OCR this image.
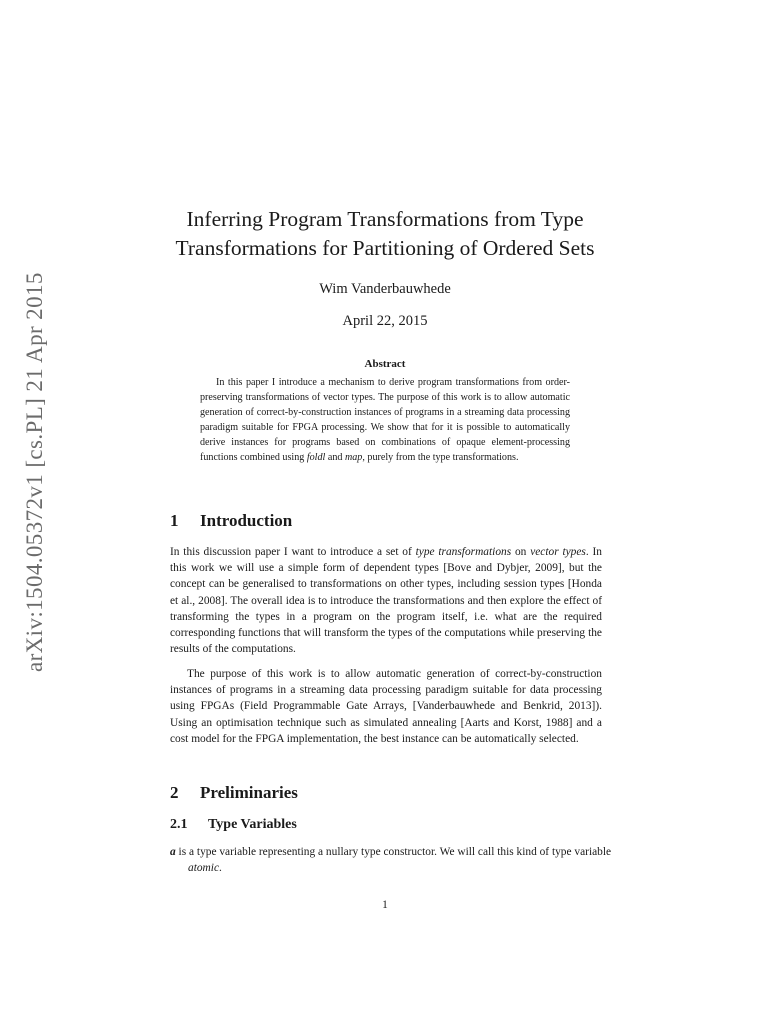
arXiv:1504.05372v1 [cs.PL] 21 Apr 2015
Inferring Program Transformations from Type
Transformations for Partitioning of Ordered Sets
Wim Vanderbauwhede
April 22, 2015
Abstract

In this paper I introduce a mechanism to derive program transformations from order-preserving transformations of vector types. The purpose of this work is to allow automatic generation of correct-by-construction instances of programs in a streaming data processing paradigm suitable for FPGA processing. We show that for it is possible to automatically derive instances for programs based on combinations of opaque element-processing functions combined using foldl and map, purely from the type transformations.

1 Introduction

In this discussion paper I want to introduce a set of type transformations on vector types. In this work we will use a simple form of dependent types [Bove and Dybjer, 2009], but the concept can be generalised to transformations on other types, including session types [Honda et al., 2008]. The overall idea is to introduce the transformations and then explore the effect of transforming the types in a program on the program itself, i.e. what are the required corresponding functions that will transform the types of the computations while preserving the results of the computations.

The purpose of this work is to allow automatic generation of correct-by-construction instances of programs in a streaming data processing paradigm suitable for data processing using FPGAs (Field Programmable Gate Arrays, [Vanderbauwhede and Benkrid, 2013]). Using an optimisation technique such as simulated annealing [Aarts and Korst, 1988] and a cost model for the FPGA implementation, the best instance can be automatically selected.

2 Preliminaries
2.1 Type Variables

a is a type variable representing a nullary type constructor. We will call this kind of type variable atomic.

1
